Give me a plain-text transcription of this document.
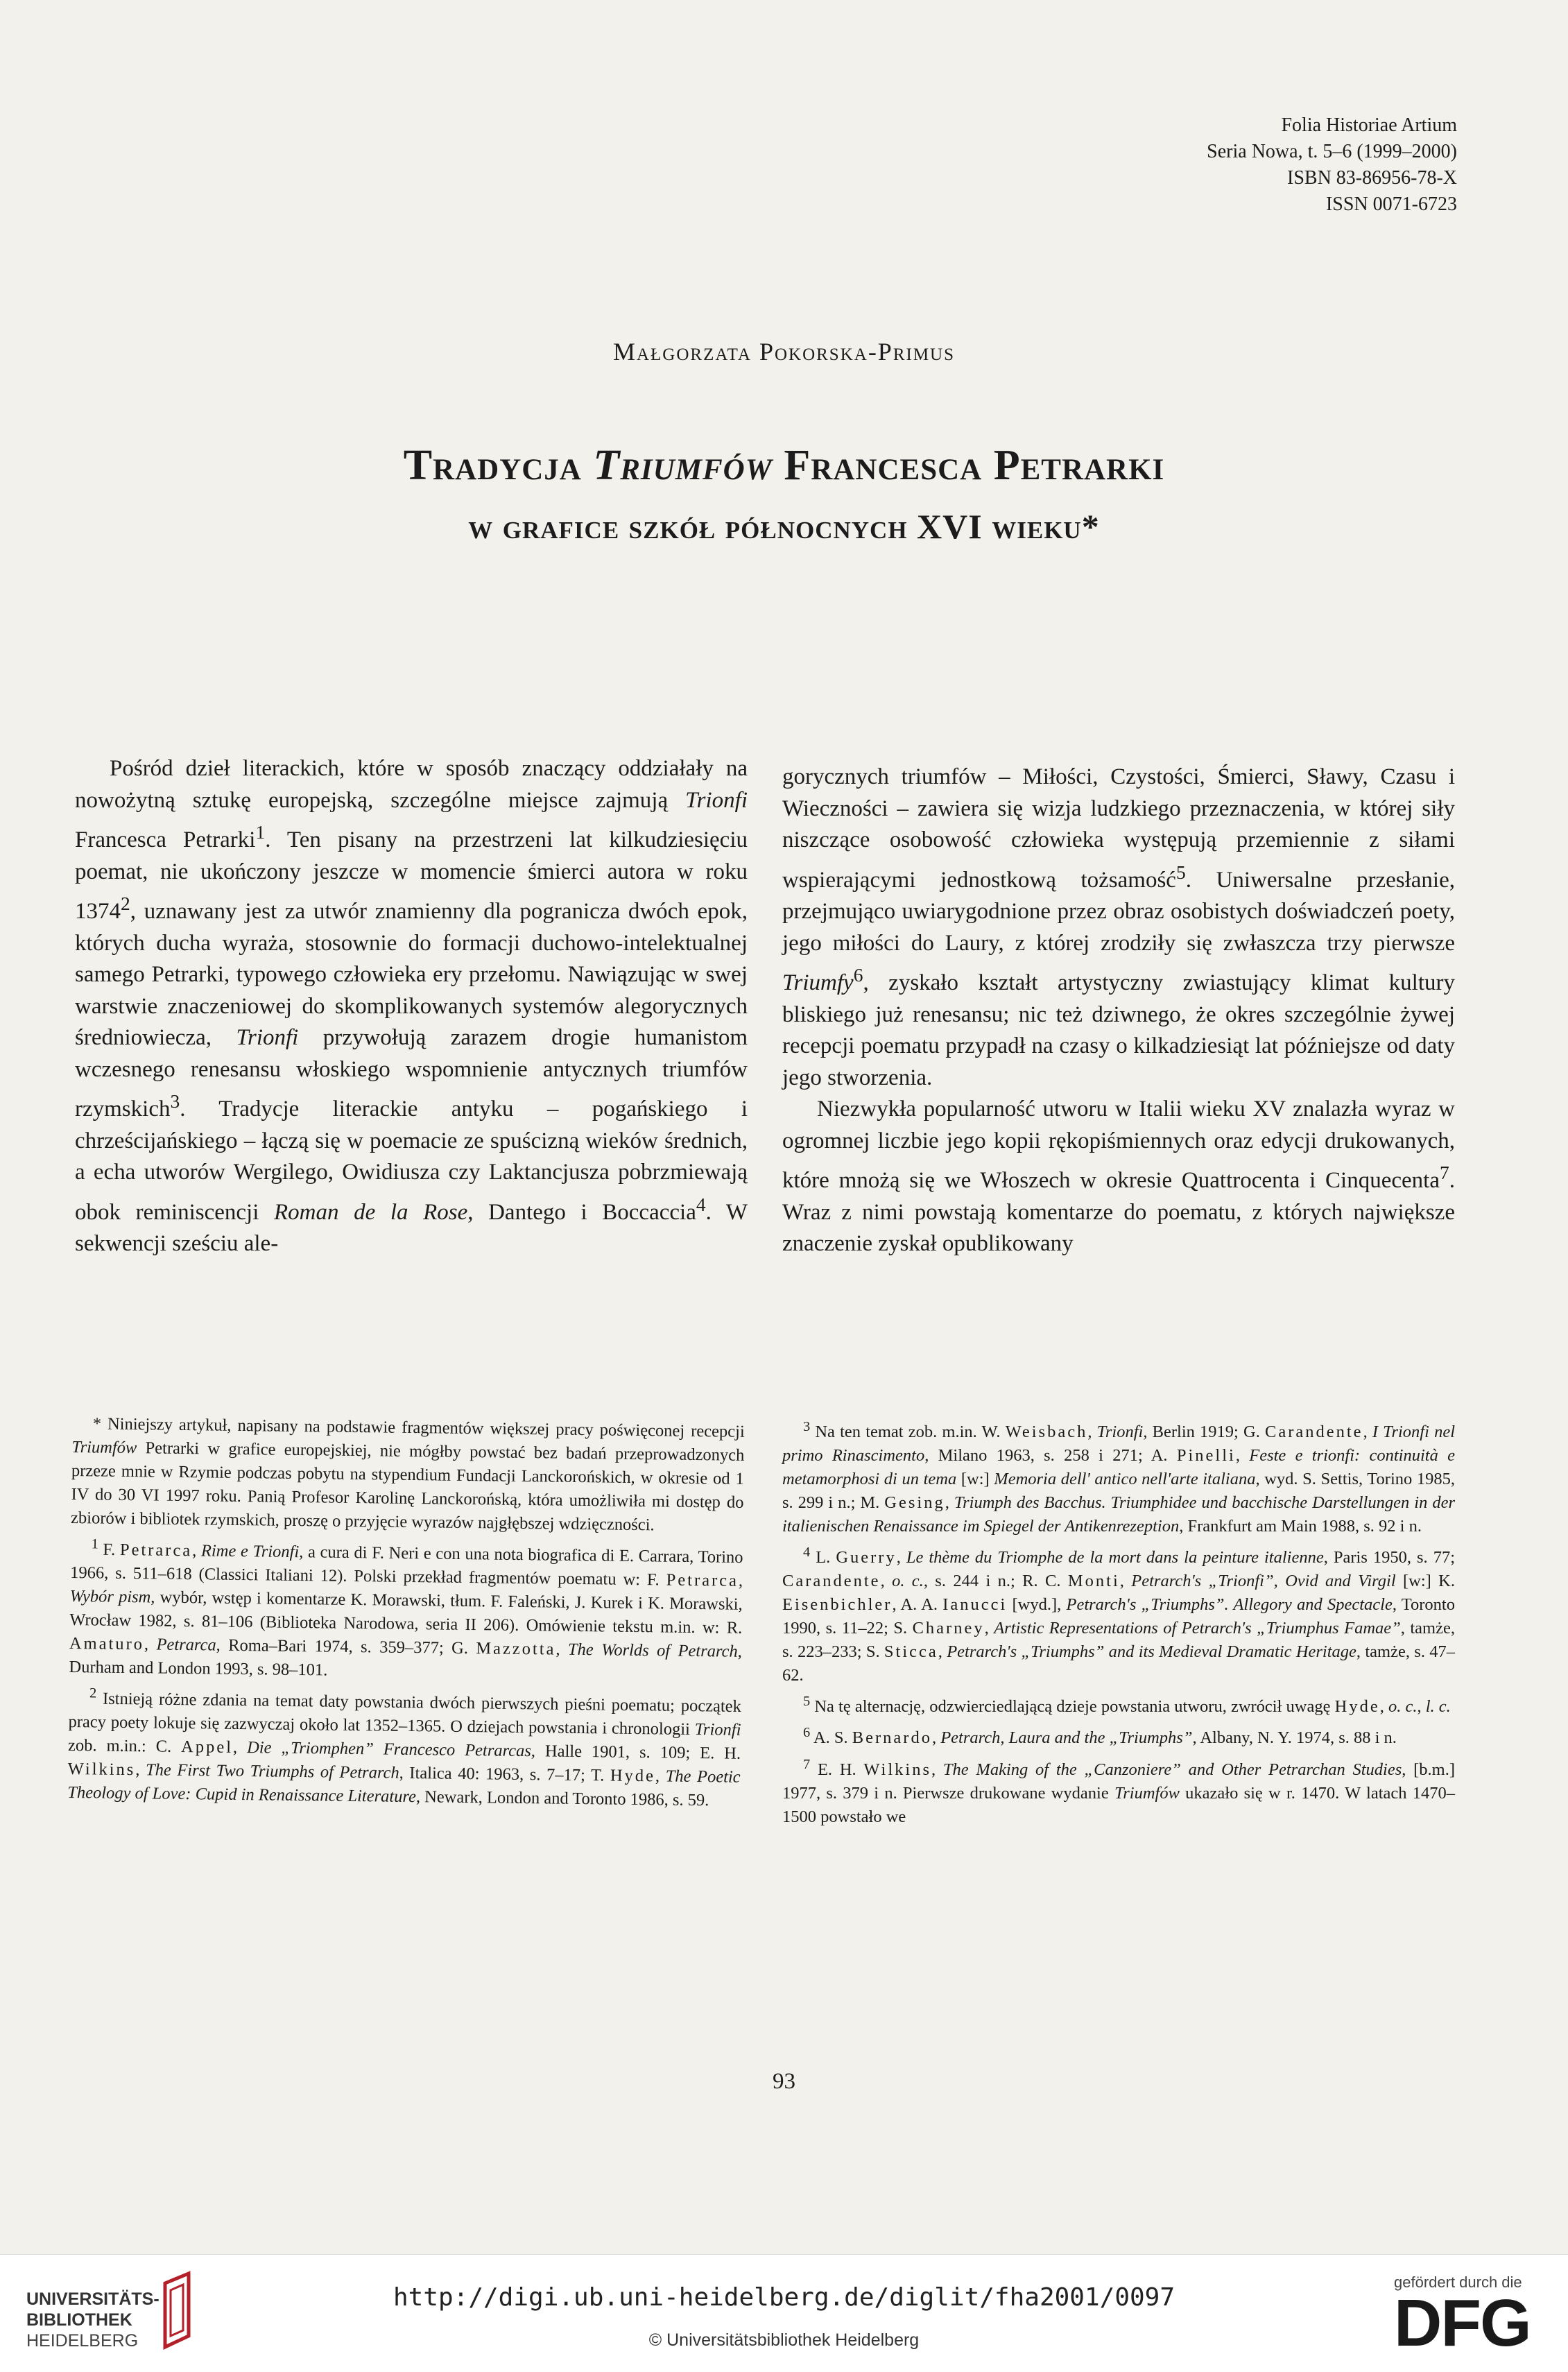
Folia Historiae Artium
Seria Nowa, t. 5–6 (1999–2000)
ISBN 83-86956-78-X
ISSN 0071-6723
Małgorzata Pokorska-Primus
Tradycja Triumfów Francesca Petrarki
w grafice szkół północnych XVI wieku*

Pośród dzieł literackich, które w sposób znaczący oddziałały na nowożytną sztukę europejską, szczególne miejsce zajmują Trionfi Francesca Petrarki$^1$. Ten pisany na przestrzeni lat kilkudziesięciu poemat, nie ukończony jeszcze w momencie śmierci autora w roku 1374$^2$, uznawany jest za utwór znamienny dla pogranicza dwóch epok, których ducha wyraża, stosownie do formacji duchowo-intelektualnej samego Petrarki, typowego człowieka ery przełomu. Nawiązując w swej warstwie znaczeniowej do skomplikowanych systemów alegorycznych średniowiecza, Trionfi przywołują zarazem drogie humanistom wczesnego renesansu włoskiego wspomnienie antycznych triumfów rzymskich$^3$. Tradycje literackie antyku – pogańskiego i chrześcijańskiego – łączą się w poemacie ze spuścizną wieków średnich, a echa utworów Wergilego, Owidiusza czy Laktancjusza pobrzmiewają obok reminiscencji Roman de la Rose, Dantego i Boccaccia$^4$. W sekwencji sześciu ale-

gorycznych triumfów – Miłości, Czystości, Śmierci, Sławy, Czasu i Wieczności – zawiera się wizja ludzkiego przeznaczenia, w której siły niszczące osobowość człowieka występują przemiennie z siłami wspierającymi jednostkową tożsamość$^5$. Uniwersalne przesłanie, przejmująco uwiarygodnione przez obraz osobistych doświadczeń poety, jego miłości do Laury, z której zrodziły się zwłaszcza trzy pierwsze Triumfy$^6$, zyskało kształt artystyczny zwiastujący klimat kultury bliskiego już renesansu; nic też dziwnego, że okres szczególnie żywej recepcji poematu przypadł na czasy o kilkadziesiąt lat późniejsze od daty jego stworzenia.

Niezwykła popularność utworu w Italii wieku XV znalazła wyraz w ogromnej liczbie jego kopii rękopiśmiennych oraz edycji drukowanych, które mnożą się we Włoszech w okresie Quattrocenta i Cinquecenta$^7$. Wraz z nimi powstają komentarze do poematu, z których największe znaczenie zyskał opublikowany

* Niniejszy artykuł, napisany na podstawie fragmentów większej pracy poświęconej recepcji Triumfów Petrarki w grafice europejskiej, nie mógłby powstać bez badań przeprowadzonych przeze mnie w Rzymie podczas pobytu na stypendium Fundacji Lanckorońskich, w okresie od 1 IV do 30 VI 1997 roku. Panią Profesor Karolinę Lanckorońską, która umożliwiła mi dostęp do zbiorów i bibliotek rzymskich, proszę o przyjęcie wyrazów najgłębszej wdzięczności.

$^1$ F. Petrarca, Rime e Trionfi, a cura di F. Neri e con una nota biografica di E. Carrara, Torino 1966, s. 511–618 (Classici Italiani 12). Polski przekład fragmentów poematu w: F. Petrarca, Wybór pism, wybór, wstęp i komentarze K. Morawski, tłum. F. Faleński, J. Kurek i K. Morawski, Wrocław 1982, s. 81–106 (Biblioteka Narodowa, seria II 206). Omówienie tekstu m.in. w: R. Amaturo, Petrarca, Roma–Bari 1974, s. 359–377; G. Mazzotta, The Worlds of Petrarch, Durham and London 1993, s. 98–101.

$^2$ Istnieją różne zdania na temat daty powstania dwóch pierwszych pieśni poematu; początek pracy poety lokuje się zazwyczaj około lat 1352–1365. O dziejach powstania i chronologii Trionfi zob. m.in.: C. Appel, Die „Triomphen” Francesco Petrarcas, Halle 1901, s. 109; E. H. Wilkins, The First Two Triumphs of Petrarch, Italica 40: 1963, s. 7–17; T. Hyde, The Poetic Theology of Love: Cupid in Renaissance Literature, Newark, London and Toronto 1986, s. 59.

$^3$ Na ten temat zob. m.in. W. Weisbach, Trionfi, Berlin 1919; G. Carandente, I Trionfi nel primo Rinascimento, Milano 1963, s. 258 i 271; A. Pinelli, Feste e trionfi: continuità e metamorphosi di un tema [w:] Memoria dell' antico nell'arte italiana, wyd. S. Settis, Torino 1985, s. 299 i n.; M. Gesing, Triumph des Bacchus. Triumphidee und bacchische Darstellungen in der italienischen Renaissance im Spiegel der Antikenrezeption, Frankfurt am Main 1988, s. 92 i n.

$^4$ L. Guerry, Le thème du Triomphe de la mort dans la peinture italienne, Paris 1950, s. 77; Carandente, o. c., s. 244 i n.; R. C. Monti, Petrarch's „Trionfi”, Ovid and Virgil [w:] K. Eisenbichler, A. A. Ianucci [wyd.], Petrarch's „Triumphs”. Allegory and Spectacle, Toronto 1990, s. 11–22; S. Charney, Artistic Representations of Petrarch's „Triumphus Famae”, tamże, s. 223–233; S. Sticca, Petrarch's „Triumphs” and its Medieval Dramatic Heritage, tamże, s. 47–62.

$^5$ Na tę alternację, odzwierciedlającą dzieje powstania utworu, zwrócił uwagę Hyde, o. c., l. c.

$^6$ A. S. Bernardo, Petrarch, Laura and the „Triumphs”, Albany, N. Y. 1974, s. 88 i n.

$^7$ E. H. Wilkins, The Making of the „Canzoniere” and Other Petrarchan Studies, [b.m.] 1977, s. 379 i n. Pierwsze drukowane wydanie Triumfów ukazało się w r. 1470. W latach 1470–1500 powstało we

93
UNIVERSITÄTS-
BIBLIOTHEK
HEIDELBERG
http://digi.ub.uni-heidelberg.de/diglit/fha2001/0097
© Universitätsbibliothek Heidelberg
gefördert durch die
DFG
